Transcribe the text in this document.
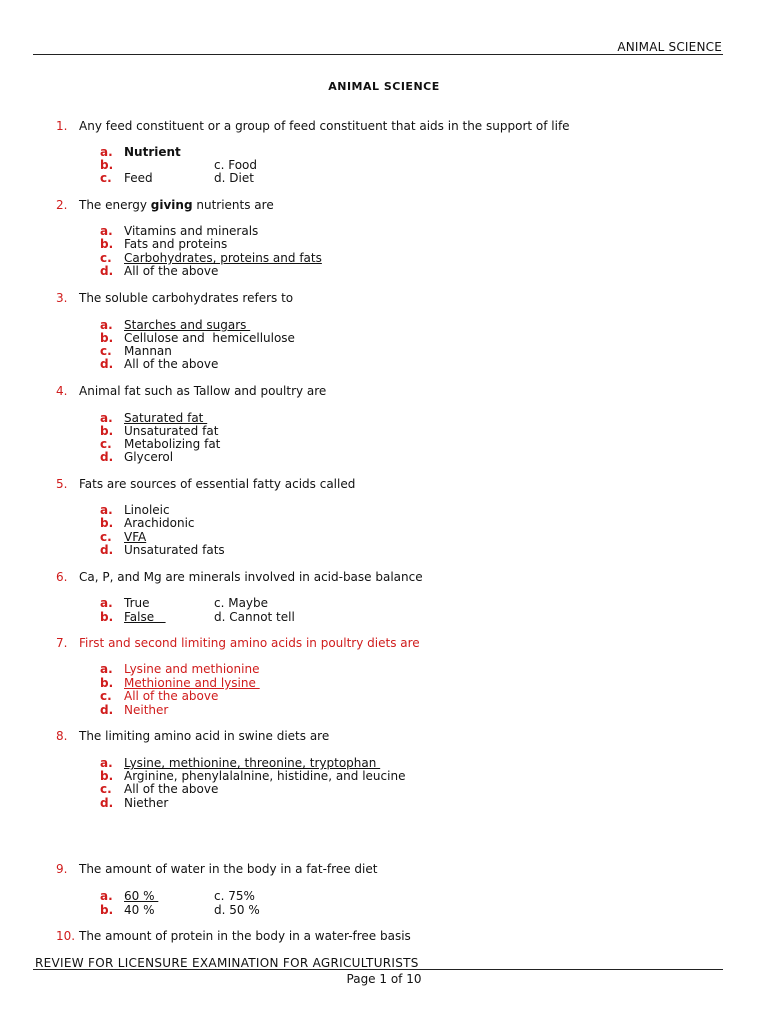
ANIMAL SCIENCE
ANIMAL SCIENCE
1. Any feed constituent or a group of feed constituent that aids in the support of life
a. Nutrient
b.	c. Food
c. Feed	d. Diet
2. The energy giving nutrients are
a. Vitamins and minerals
b. Fats and proteins
c. Carbohydrates, proteins and fats
d. All of the above
3. The soluble carbohydrates refers to
a. Starches and sugars
b. Cellulose and  hemicellulose
c. Mannan
d. All of the above
4. Animal fat such as Tallow and poultry are
a. Saturated fat
b. Unsaturated fat
c. Metabolizing fat
d. Glycerol
5. Fats are sources of essential fatty acids called
a. Linoleic
b. Arachidonic
c. VFA
d. Unsaturated fats
6. Ca, P, and Mg are minerals involved in acid-base balance
a. True	c. Maybe
b. False	d. Cannot tell
7. First and second limiting amino acids in poultry diets are
a. Lysine and methionine
b. Methionine and lysine
c. All of the above
d. Neither
8. The limiting amino acid in swine diets are
a. Lysine, methionine, threonine, tryptophan
b. Arginine, phenylalalnine, histidine, and leucine
c. All of the above
d. Niether
9. The amount of water in the body in a fat-free diet
a. 60 %	c. 75%
b. 40 %	d. 50 %
10. The amount of protein in the body in a water-free basis
REVIEW FOR LICENSURE EXAMINATION FOR AGRICULTURISTS
Page 1 of 10
